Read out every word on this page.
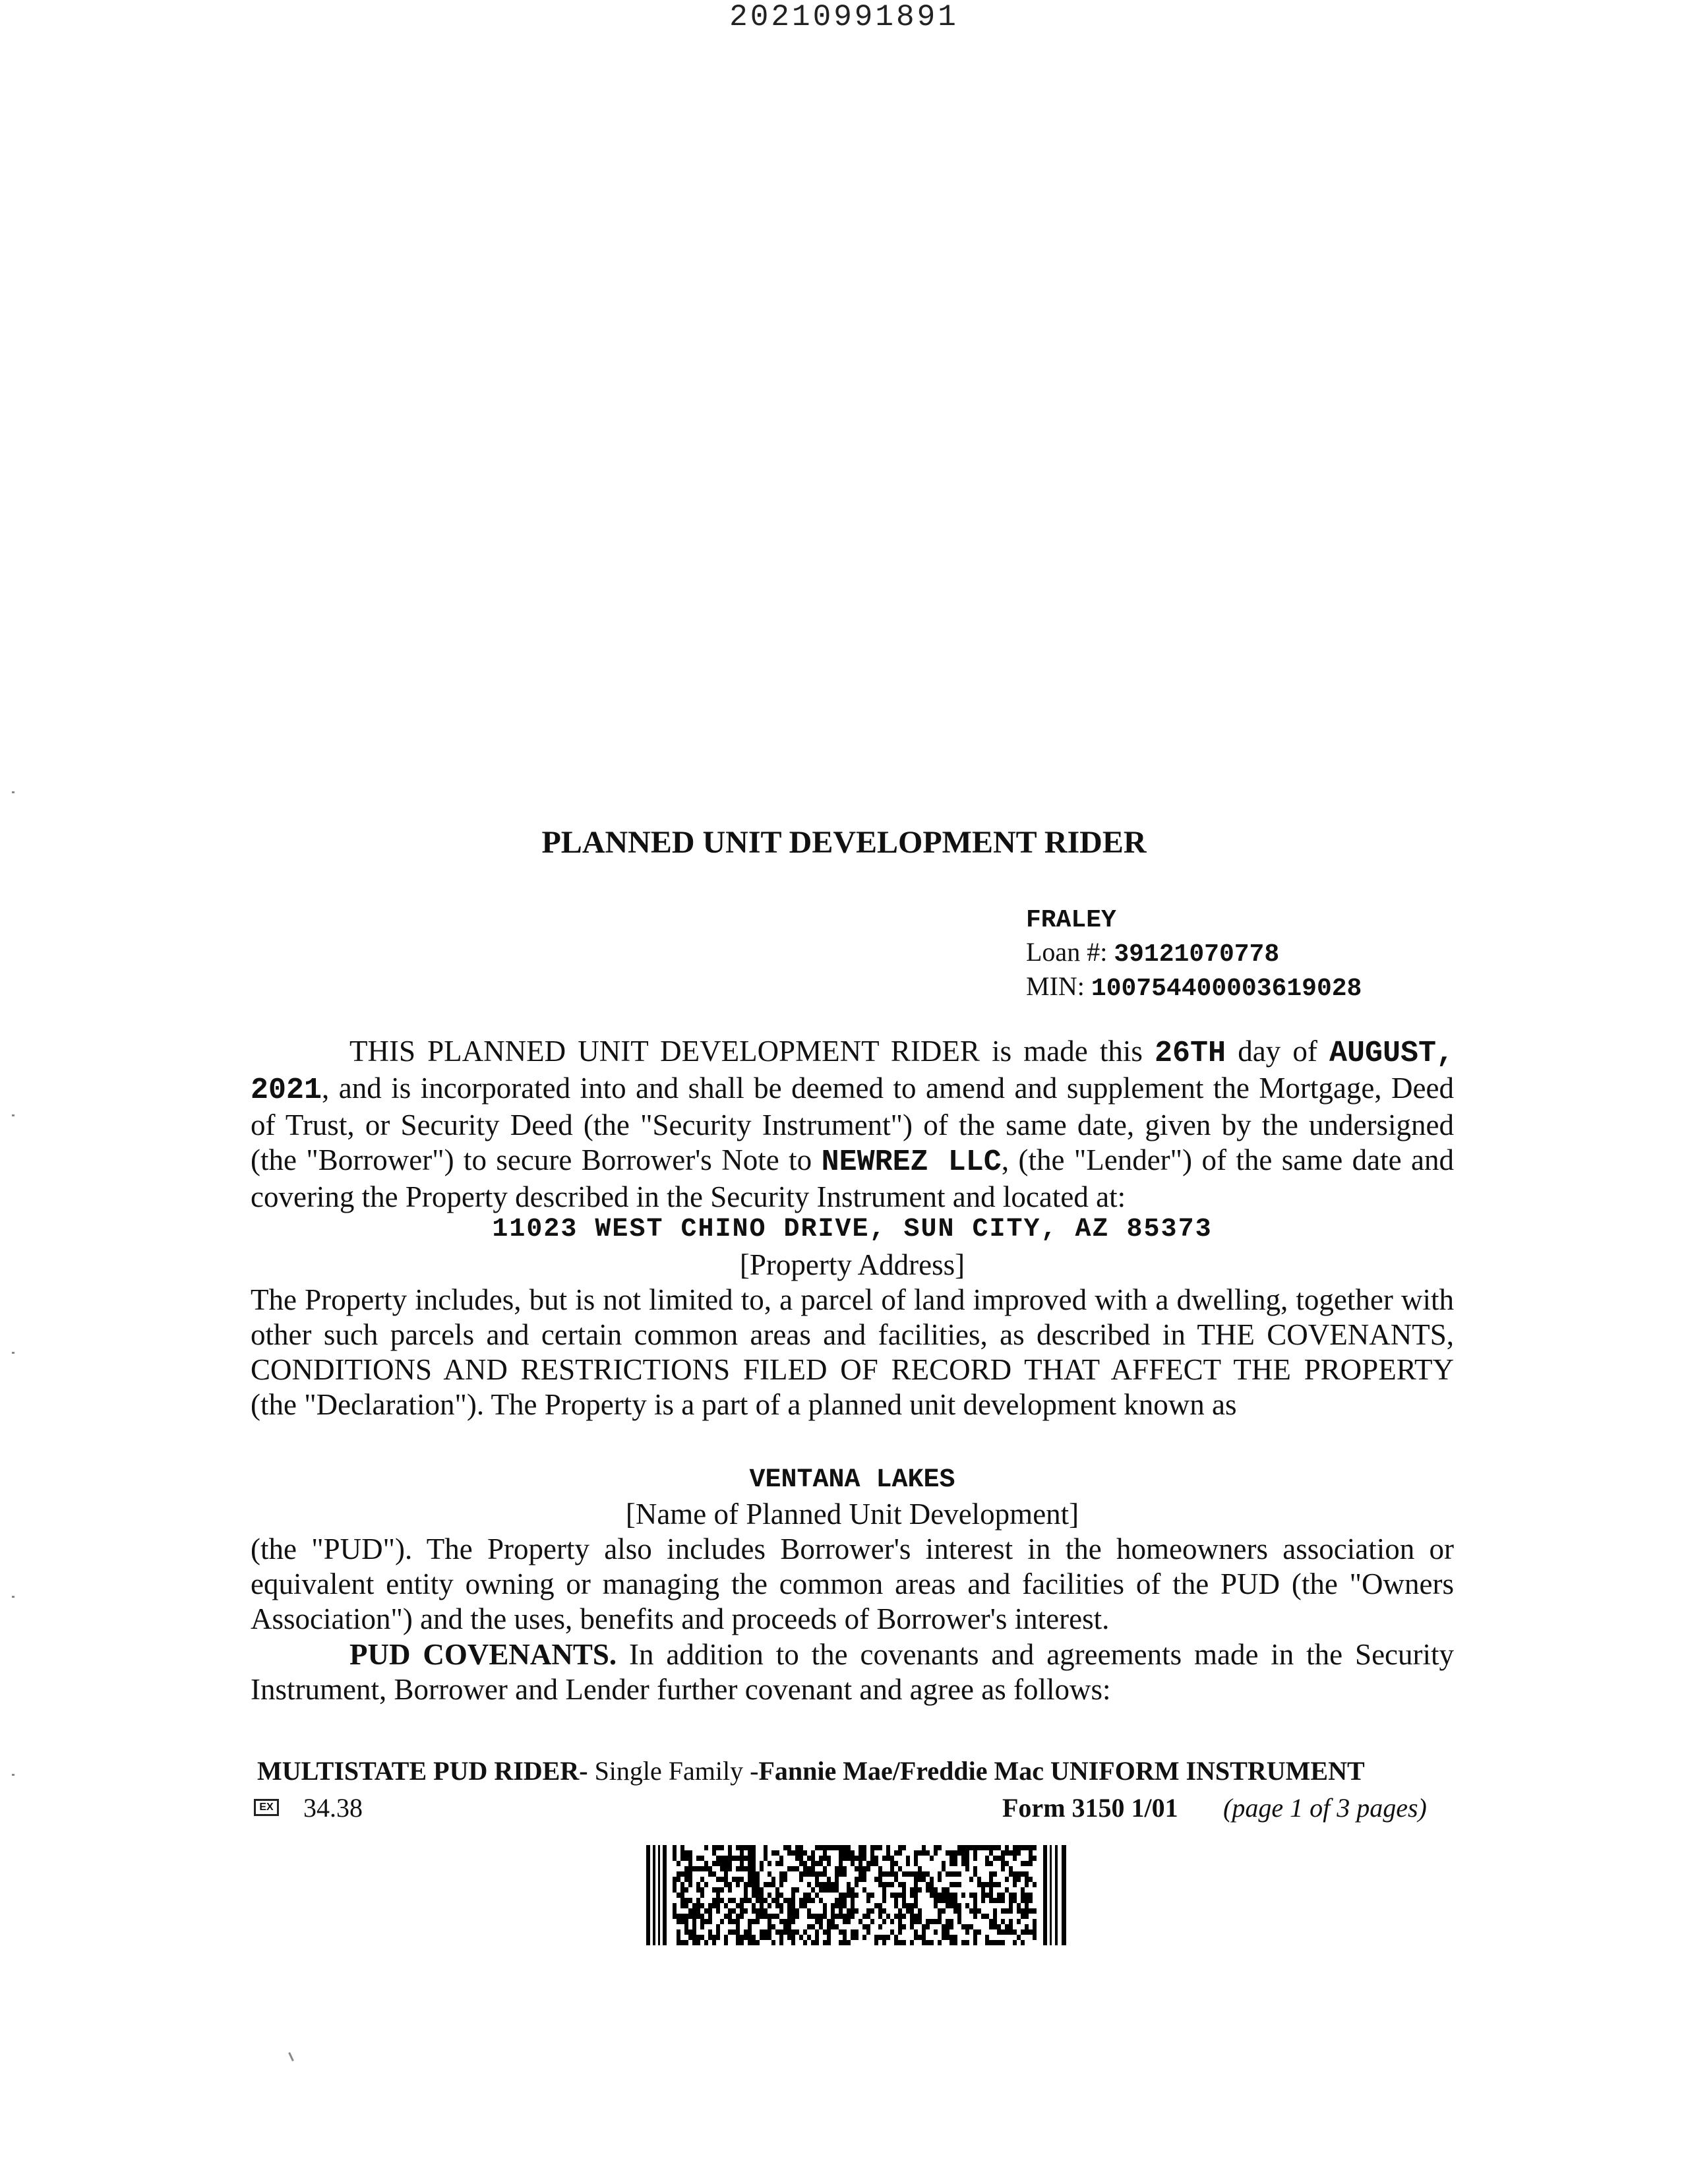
20210991891
PLANNED UNIT DEVELOPMENT RIDER
FRALEY
Loan #: 39121070778
MIN: 100754400003619028
THIS PLANNED UNIT DEVELOPMENT RIDER is made this 26TH day of AUGUST, 2021, and is incorporated into and shall be deemed to amend and supplement the Mortgage, Deed of Trust, or Security Deed (the "Security Instrument") of the same date, given by the undersigned (the "Borrower") to secure Borrower's Note to NEWREZ LLC, (the "Lender") of the same date and covering the Property described in the Security Instrument and located at:
11023 WEST CHINO DRIVE, SUN CITY, AZ 85373
[Property Address]
The Property includes, but is not limited to, a parcel of land improved with a dwelling, together with other such parcels and certain common areas and facilities, as described in THE COVENANTS, CONDITIONS AND RESTRICTIONS FILED OF RECORD THAT AFFECT THE PROPERTY (the "Declaration"). The Property is a part of a planned unit development known as
VENTANA LAKES
[Name of Planned Unit Development]
(the "PUD"). The Property also includes Borrower's interest in the homeowners association or equivalent entity owning or managing the common areas and facilities of the PUD (the "Owners Association") and the uses, benefits and proceeds of Borrower's interest.
PUD COVENANTS. In addition to the covenants and agreements made in the Security Instrument, Borrower and Lender further covenant and agree as follows:
MULTISTATE PUD RIDER- Single Family -Fannie Mae/Freddie Mac UNIFORM INSTRUMENT
EX 34.38	Form 3150 1/01 (page 1 of 3 pages)
